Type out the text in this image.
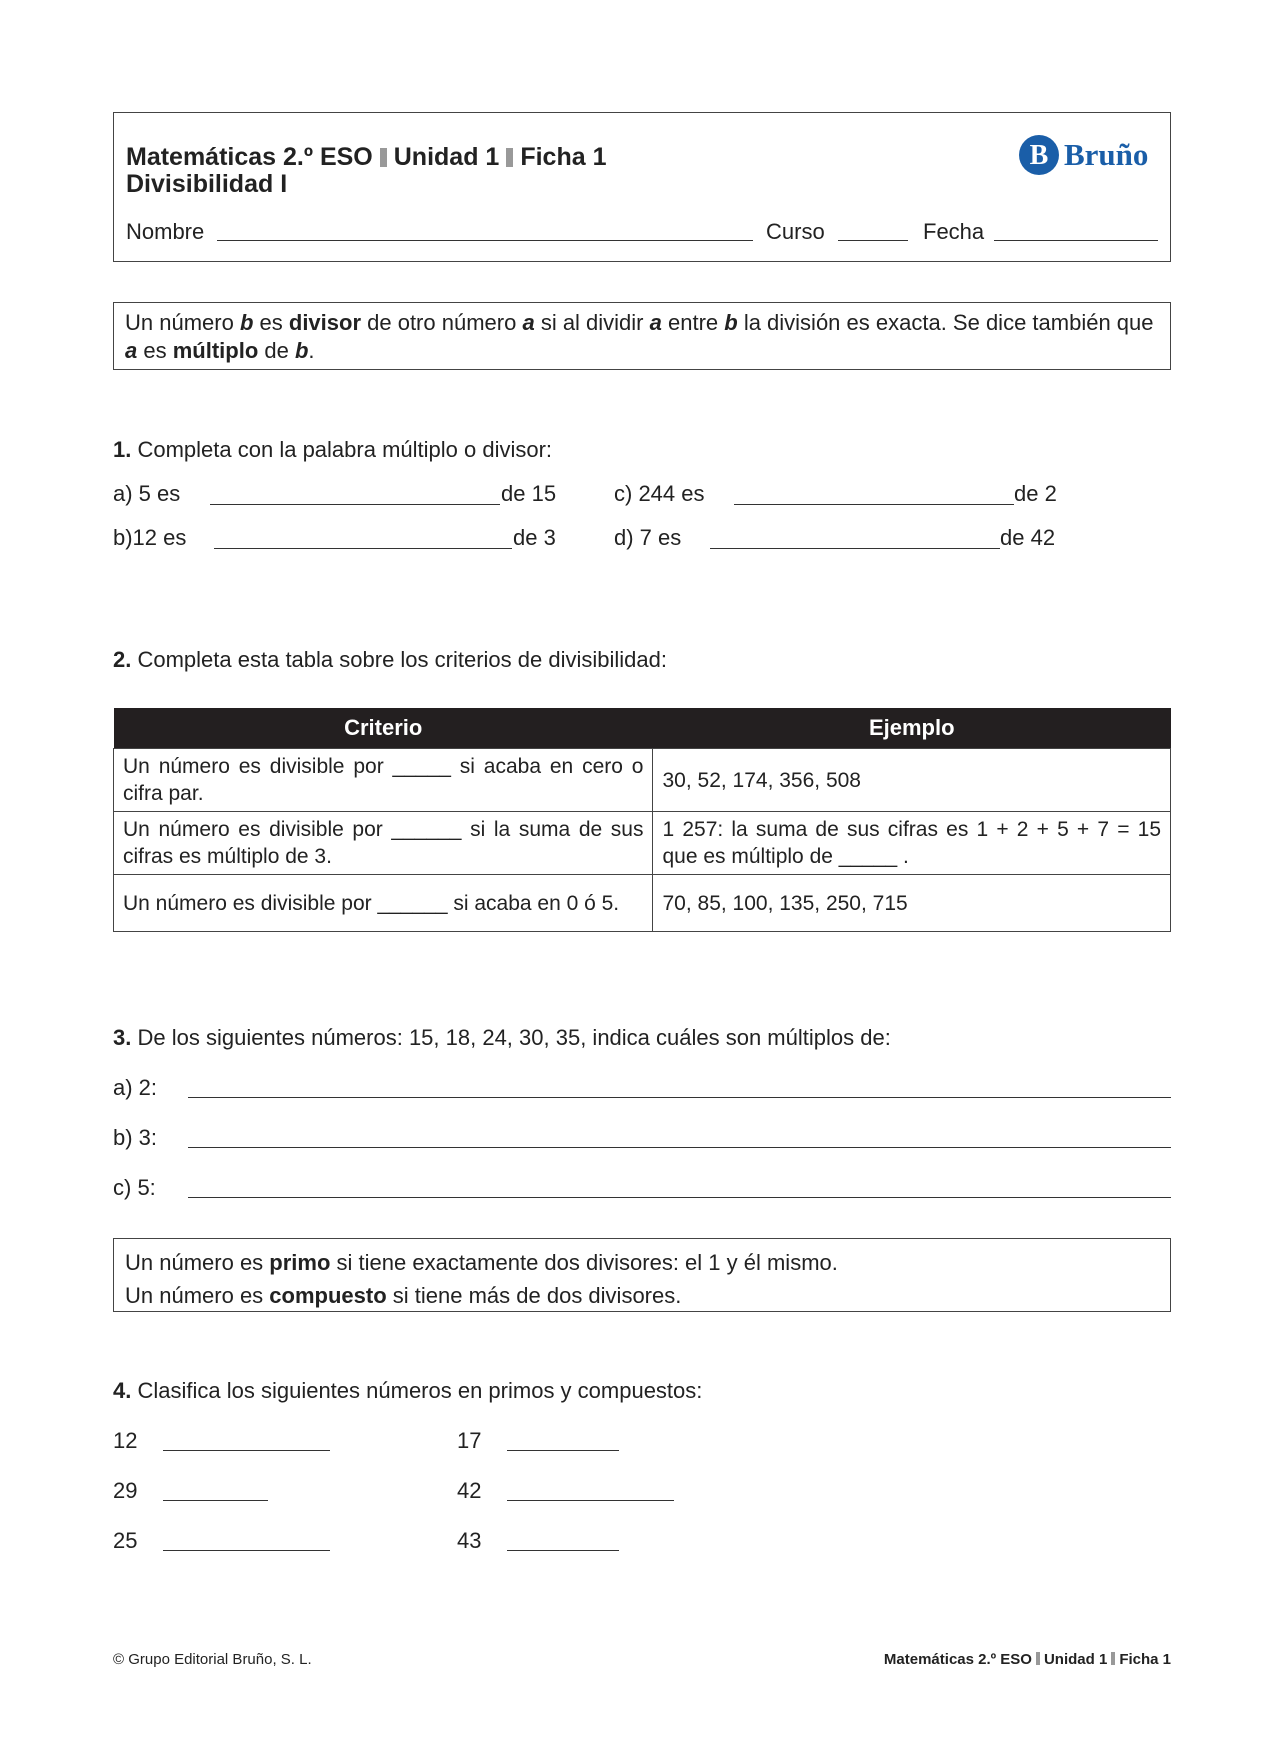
Matemáticas 2.º ESO Unidad 1 Ficha 1
Divisibilidad I
B Bruño
Nombre	Curso	Fecha
Un número b es divisor de otro número a si al dividir a entre b la división es exacta. Se dice también que a es múltiplo de b.
1. Completa con la palabra múltiplo o divisor:
a) 5 es	de 15	c) 244 es	de 2
b)12 es	de 3	d) 7 es	de 42
2. Completa esta tabla sobre los criterios de divisibilidad:
Criterio	Ejemplo
Un número es divisible por _____ si acaba en cero o cifra par.	30, 52, 174, 356, 508
Un número es divisible por ______ si la suma de sus cifras es múltiplo de 3.	1 257: la suma de sus cifras es 1 + 2 + 5 + 7 = 15 que es múltiplo de _____ .
Un número es divisible por ______ si acaba en 0 ó 5.	70, 85, 100, 135, 250, 715
3. De los siguientes números: 15, 18, 24, 30, 35, indica cuáles son múltiplos de:
a) 2:
b) 3:
c) 5:
Un número es primo si tiene exactamente dos divisores: el 1 y él mismo.
Un número es compuesto si tiene más de dos divisores.
4. Clasifica los siguientes números en primos y compuestos:
12	17
29	42
25	43
© Grupo Editorial Bruño, S. L.	Matemáticas 2.º ESO Unidad 1 Ficha 1
